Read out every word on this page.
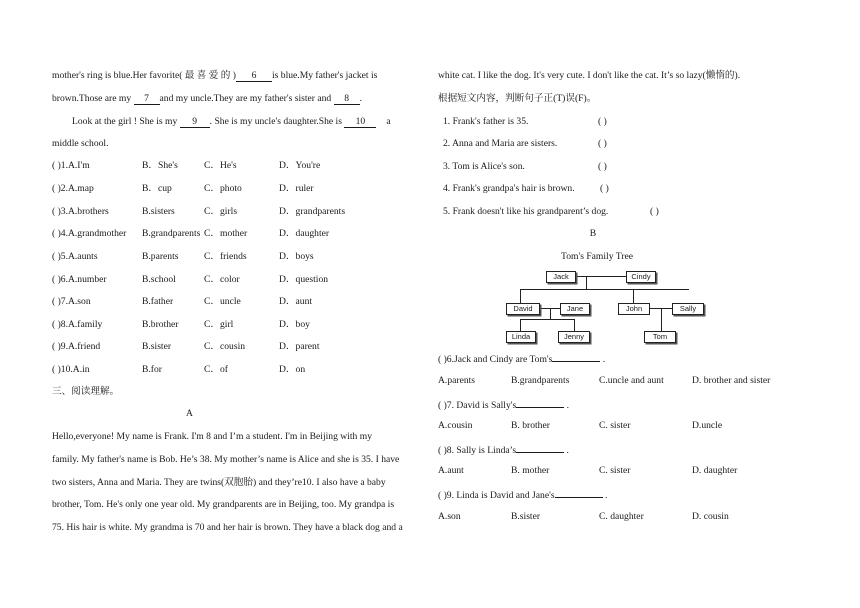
mother's ring is blue.Her favorite( 最 喜 爱 的 ) 6 is blue.My father's jacket is
brown.Those are my 7 and my uncle.They are my father's sister and 8 .
Look at the girl ! She is my 9 . She is my uncle's daughter.She is 10 a
middle school.
( )1.A.I'm	B．She's	C．He's	D．You're
( )2.A.map	B．cup	C．photo	D．ruler
( )3.A.brothers	B.sisters	C．girls	D．grandparents
( )4.A.grandmother B.grandparents C．mother	D．daughter
( )5.A.aunts	B.parents	C．friends	D．boys
( )6.A.number	B.school	C．color	D．question
( )7.A.son	B.father	C．uncle	D．aunt
( )8.A.family	B.brother	C．girl	D．boy
( )9.A.friend	B.sister	C．cousin	D．parent
( )10.A.in	B.for	C．of	D．on
三、阅读理解。
A
Hello,everyone! My name is Frank. I'm 8 and I’m a student. I'm in Beijing with my
family. My father's name is Bob. He’s 38. My mother’s name is Alice and she is 35. I have
two sisters, Anna and Maria. They are twins(双胞胎) and they’re10. I also have a baby
brother, Tom. He's only one year old. My grandparents are in Beijing, too. My grandpa is
75. His hair is white. My grandma is 70 and her hair is brown. They have a black dog and a
white cat. I like the dog. It's very cute. I don't like the cat. It’s so lazy(懒惰的).
根据短文内容，判断句子正(T)误(F)。
1. Frank's father is 35.	( )
2. Anna and Maria are sisters.	( )
3. Tom is Alice's son.	( )
4. Frank's grandpa's hair is brown.	( )
5. Frank doesn't like his grandparent’s dog.	( )
B
Tom's Family Tree
Jack	Cindy
David	Jane	John	Sally
Linda	Jenny	Tom
( )6.Jack and Cindy are Tom's	.
A.parents	B.grandparents	C.uncle and aunt	D. brother and sister
( )7. David is Sally's	.
A.cousin	B. brother	C. sister	D.uncle
( )8. Sally is Linda’s	.
A.aunt	B. mother	C. sister	D. daughter
( )9. Linda is David and Jane's	.
A.son	B.sister	C. daughter	D. cousin
